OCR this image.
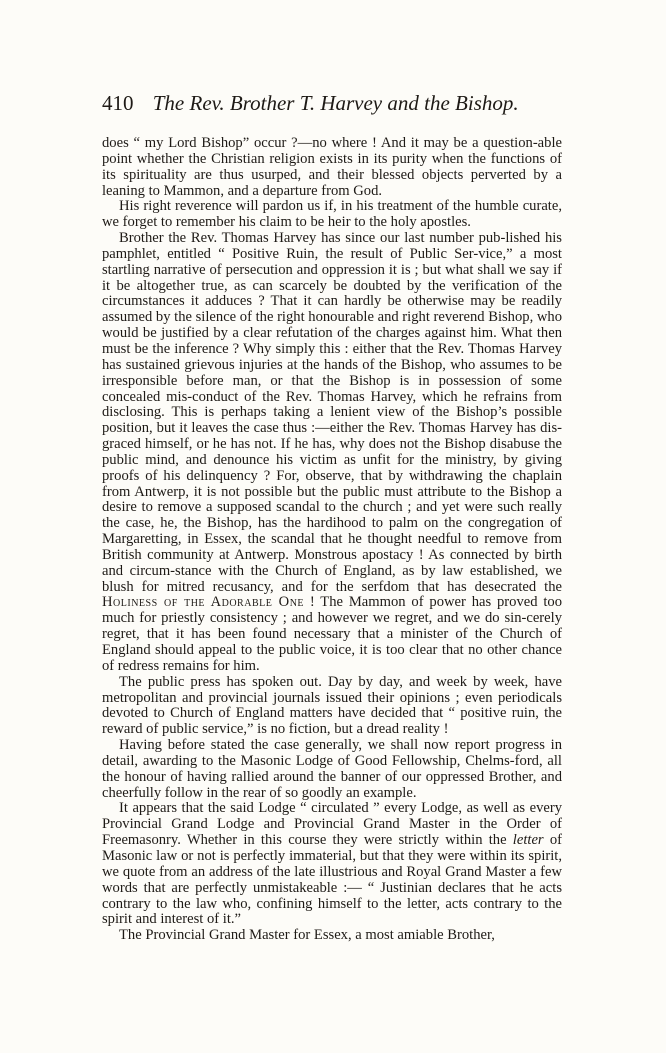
410 The Rev. Brother T. Harvey and the Bishop.

does “ my Lord Bishop” occur ?—no where ! And it may be a question-able point whether the Christian religion exists in its purity when the functions of its spirituality are thus usurped, and their blessed objects perverted by a leaning to Mammon, and a departure from God.

His right reverence will pardon us if, in his treatment of the humble curate, we forget to remember his claim to be heir to the holy apostles.

Brother the Rev. Thomas Harvey has since our last number pub-lished his pamphlet, entitled “ Positive Ruin, the result of Public Ser-vice,” a most startling narrative of persecution and oppression it is ; but what shall we say if it be altogether true, as can scarcely be doubted by the verification of the circumstances it adduces ? That it can hardly be otherwise may be readily assumed by the silence of the right honourable and right reverend Bishop, who would be justified by a clear refutation of the charges against him. What then must be the inference ? Why simply this : either that the Rev. Thomas Harvey has sustained grievous injuries at the hands of the Bishop, who assumes to be irresponsible before man, or that the Bishop is in possession of some concealed mis-conduct of the Rev. Thomas Harvey, which he refrains from disclosing. This is perhaps taking a lenient view of the Bishop’s possible position, but it leaves the case thus :—either the Rev. Thomas Harvey has dis-graced himself, or he has not. If he has, why does not the Bishop disabuse the public mind, and denounce his victim as unfit for the ministry, by giving proofs of his delinquency ? For, observe, that by withdrawing the chaplain from Antwerp, it is not possible but the public must attribute to the Bishop a desire to remove a supposed scandal to the church ; and yet were such really the case, he, the Bishop, has the hardihood to palm on the congregation of Margaretting, in Essex, the scandal that he thought needful to remove from British community at Antwerp. Monstrous apostacy ! As connected by birth and circum-stance with the Church of England, as by law established, we blush for mitred recusancy, and for the serfdom that has desecrated the Holiness of the Adorable One ! The Mammon of power has proved too much for priestly consistency ; and however we regret, and we do sin-cerely regret, that it has been found necessary that a minister of the Church of England should appeal to the public voice, it is too clear that no other chance of redress remains for him.

The public press has spoken out. Day by day, and week by week, have metropolitan and provincial journals issued their opinions ; even periodicals devoted to Church of England matters have decided that “ positive ruin, the reward of public service,” is no fiction, but a dread reality !

Having before stated the case generally, we shall now report progress in detail, awarding to the Masonic Lodge of Good Fellowship, Chelms-ford, all the honour of having rallied around the banner of our oppressed Brother, and cheerfully follow in the rear of so goodly an example.

It appears that the said Lodge “ circulated ” every Lodge, as well as every Provincial Grand Lodge and Provincial Grand Master in the Order of Freemasonry. Whether in this course they were strictly within the letter of Masonic law or not is perfectly immaterial, but that they were within its spirit, we quote from an address of the late illustrious and Royal Grand Master a few words that are perfectly unmistakeable :— “ Justinian declares that he acts contrary to the law who, confining himself to the letter, acts contrary to the spirit and interest of it.”

The Provincial Grand Master for Essex, a most amiable Brother,
